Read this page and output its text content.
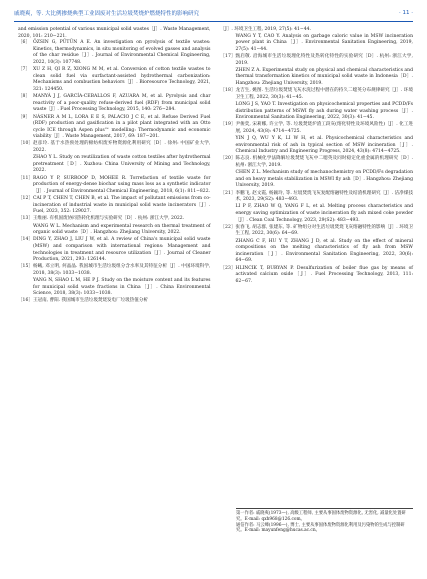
戚晓爽，等. 大比例掺烧典型工业固废对生活垃圾焚烧炉燃烧特性的影响研究	· 11 ·
and emission potential of various municipal solid wastes［J］. Waste Management, 2020, 101: 210−221.
［6］ ÖZSIN G, PÜTÜN A E. An investigation on pyrolysis of textile wastes: Kinetics, thermodynamics, in situ monitoring of evolved gasses and analysis of the char residue［J］. Journal of Environmental Chemical Engineering, 2022, 10(3): 107748.
［7］ XU Z H, QI R Z, XIONG M M, et al. Conversion of cotton textile wastes to clean solid fuel via surfactant-assisted hydrothermal carbonization: Mechanisms and combustion behaviors［J］. Bioresource Technology, 2021, 321: 124450.
［8］ MANYÀ J J, GARCÍA-CEBALLOS F, AZUARA M, et al. Pyrolysis and char reactivity of a poor-quality refuse-derived fuel (RDF) from municipal solid waste［J］. Fuel Processing Technology, 2015, 140: 276−284.
［9］ NÁSNER A M L, LORA E E S, PALACIO J C E, et al. Refuse Derived Fuel (RDF) production and gasification in a pilot plant integrated with an Otto cycle ICE through Aspen plus™ modelling: Thermodynamic and economic viability［J］. Waste Management, 2017, 69: 187−201.
［10］ 赵彦玲. 基于水热预处理的棉纺织废弃物资源化利用研究［D］. 徐州: 中国矿业大学, 2022.
ZHAO Y L. Study on reutilization of waste cotton textiles after hydrothermal pretreatment［D］. Xuzhou: China University of Mining and Technology, 2022.
［11］ RAGO Y P, SURROOP D, MOHEE R. Torrefaction of textile waste for production of energy-dense biochar using mass loss as a synthetic indicator［J］. Journal of Environmental Chemical Engineering, 2018, 6(1): 811−822.
［12］ CAI P T, CHEN T, CHEN B, et al. The impact of pollutant emissions from co-incineration of industrial waste in municipal solid waste incinerators［J］. Fuel, 2023, 352: 129027.
［13］ 王维丽. 有机固废协同热转化机理与实验研究［D］. 杭州: 浙江大学, 2022.
WANG W L. Mechanism and experimental research on thermal treatment of organic solid waste［D］. Hangzhou: Zhejiang University, 2022.
［14］ DING Y, ZHAO J, LIU J W, et al. A review of China's municipal solid waste (MSW) and comparison with international regions: Management and technologies in treatment and resource utilization［J］. Journal of Cleaner Production, 2021, 293: 126144.
［15］ 杨曦, 邓立明, 何晶晶. 我国城市生活垃圾组分含水率及其特征分析［J］. 中国环境科学, 2018, 38(3): 1033−1038.
YANG N, SHAO L M, HE P J. Study on the moisture content and its features for municipal solid waste fractions in China［J］. China Environmental Science, 2018, 38(3): 1033−1038.
［16］ 王冠南, 曹阳. 我国城市生活垃圾焚烧发电厂垃圾热值分析
［J］. 环境卫生工程, 2019, 27(5): 41−44.
WANG Y T, CAO Y. Analysis on garbage caloric value in MSW incineration power plant in China［J］. Environmental Sanitation Engineering, 2019, 27(5): 41−44.
［17］ 甄启敬. 沿海城市生活垃圾理化特性及热转化特性的实验研究［D］. 杭州: 浙江大学, 2019.
ZHEN Z A. Experimental study on physical and chemical characteristics and thermal transformation kinetics of municipal solid waste in Indonesia［D］. Hangzhou: Zhejiang University, 2019.
［18］ 龙吉生, 姚图. 生活垃圾焚烧飞灰水洗过程中潜在的持久二噁英分布规律研究［J］. 环境卫生工程, 2022, 30(3): 41−45.
LONG J S, YAO T. Investigation on physicochemical properties and PCDD/Fs distribution patterns of MSWI fly ash during water washing process［J］. Environmental Sanitation Engineering, 2022, 30(3): 41−45.
［19］ 尹俊奕, 宋莉娜, 许立学, 等. 垃圾焚烧炉渣工段灰(熔化特性及环境风险性)［J］. 化工进展, 2024, 43(8): 4714−4725.
YIN J Q, WU Y K, LI W H, et al. Physicochemical characteristics and environmental risk of ash in typical section of MSW incineration［J］. Chemical Industry and Engineering Progress, 2024, 43(8): 4714−4725.
［20］ 陈志良. 机械化学法降解垃圾焚烧飞灰中二噁英及同时稳定化重金属的机理研究［D］. 杭州: 浙江大学, 2019.
CHEN Z L. Mechanism study of mechanochemistry on PCDD/Fs degradation and on heavy metals stabilization in MSWI fly ash［D］. Hangzhou: Zhejiang University, 2019.
［21］ 李鹏飞, 赵文霞, 杨颖玲, 等. 垃圾焚烧飞灰复配熔融特性及结渣机理研究［J］. 洁净煤技术, 2023, 29(S2): 483−493.
LI P F, ZHAO W Q, YANG F L, et al. Melting process characteristics and energy saving optimization of waste incineration fly ash mixed coke powder［J］. Clean Coal Technology, 2023, 29(S2): 483−493.
［22］ 张春飞, 胡志群, 张建东, 等. 矿物组分对生活垃圾焚烧飞灰熔融特性的影响［J］. 环境卫生工程, 2022, 30(6): 64−69.
ZHANG C F, HU Y T, ZHANG J D, et al. Study on the effect of mineral compositions on the melting characteristics of fly ash from MSW incineration［J］. Environmental Sanitation Engineering, 2022, 30(6): 64−69.
［23］ HLINCIK T, BURYAN P. Desulfurization of boiler flue gas by means of activated calcium oxide［J］. Fuel Processing Technology, 2013, 111: 62−67.
第一作者: 戚晓爽(1973—), 高级工程师, 主要从事固体废物资源化, 无害化, 减量化处置研究。E-mail: qxh968@126.com。
通信作者: 马云峰(1996—), 博士, 主要从事固体废物资源化利用及污染物的生成与控制研究。E-mail: mayunfeng@hucas.ac.cn。
